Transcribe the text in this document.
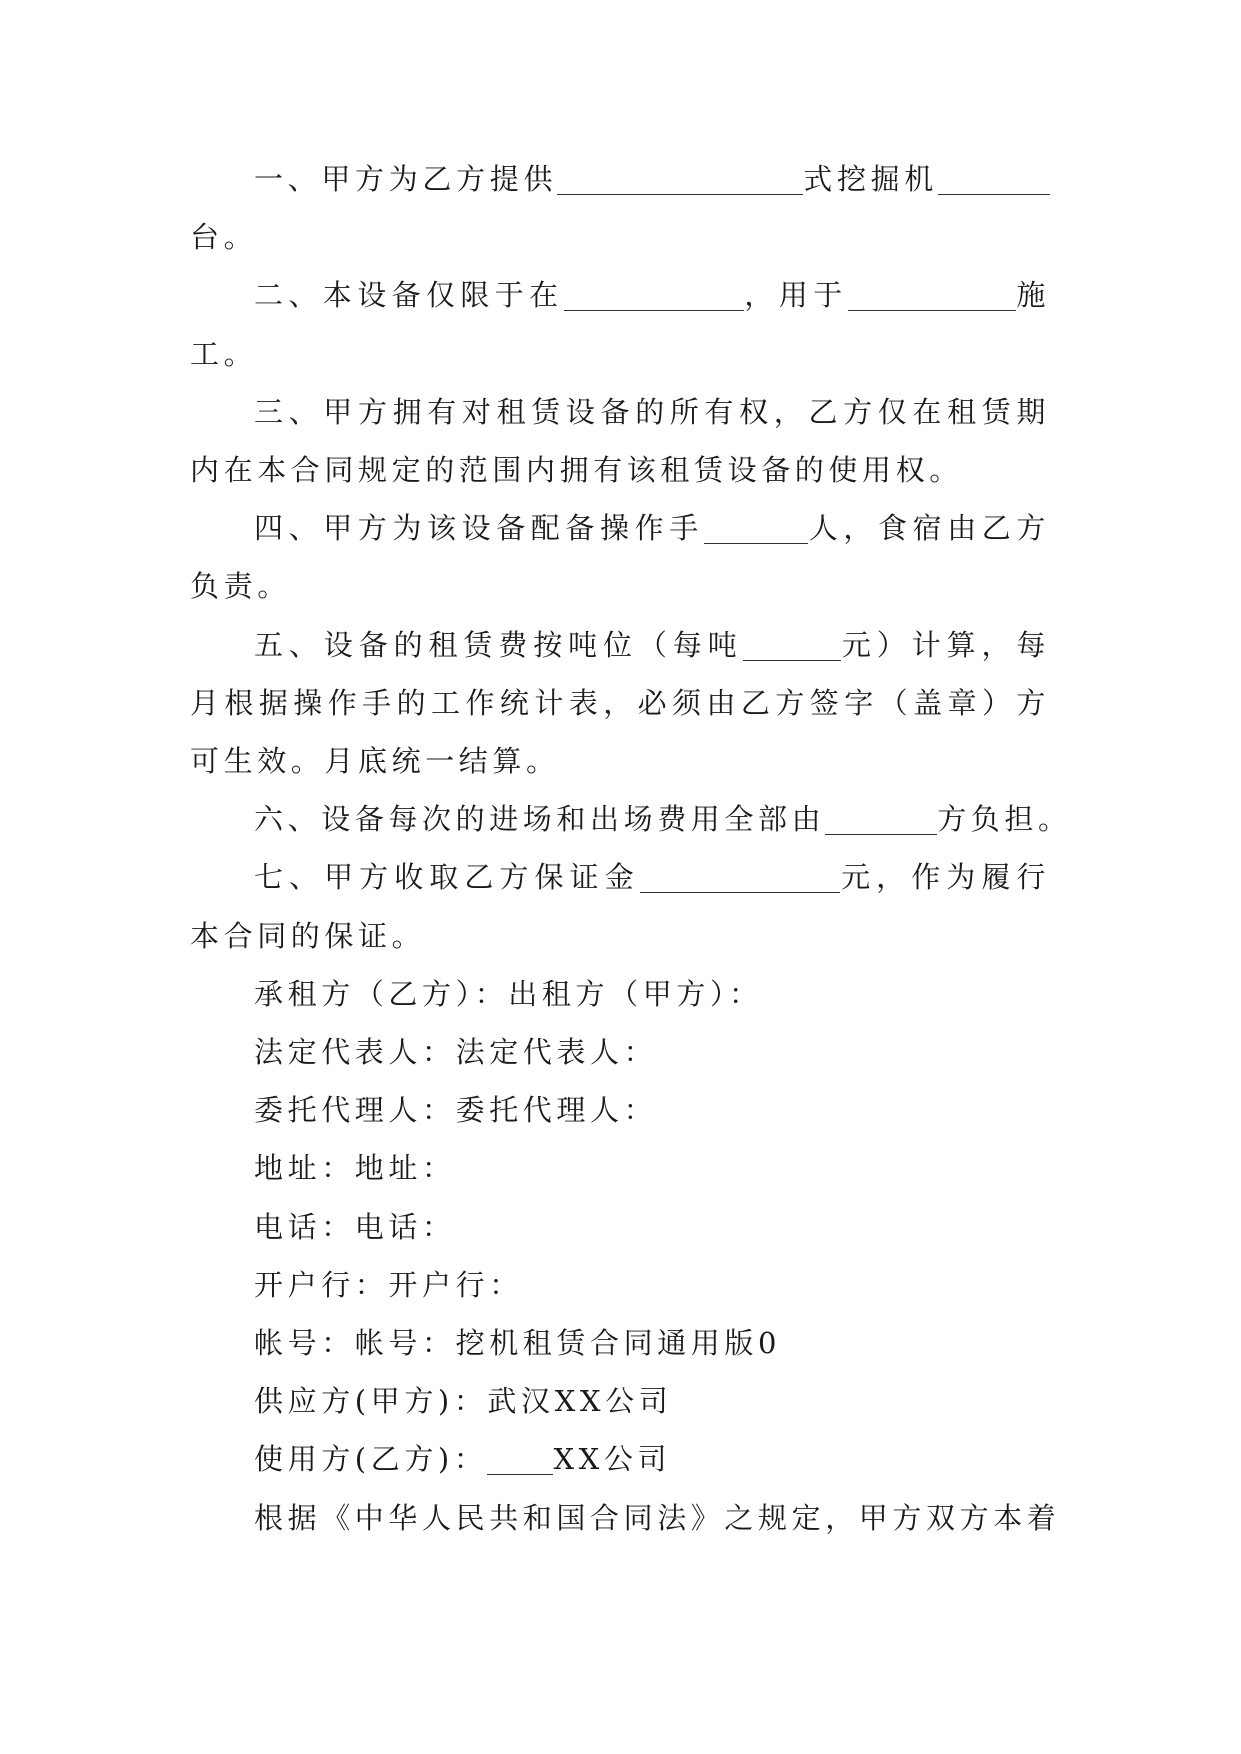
一、甲方为乙方提供	式挖掘机台。

二、本设备仅限于在	，用于	施工。

三、甲方拥有对租赁设备的所有权，乙方仅在租赁期内在本合同规定的范围内拥有该租赁设备的使用权。

四、甲方为该设备配备操作手	人，食宿由乙方负责。

五、设备的租赁费按吨位（每吨	元）计算，每月根据操作手的工作统计表，必须由乙方签字（盖章）方可生效。月底统一结算。

六、设备每次的进场和出场费用全部由	方负担。

七、甲方收取乙方保证金	元，作为履行本合同的保证。

承租方（乙方）：出租方（甲方）：

法定代表人：法定代表人：

委托代理人：委托代理人：

地址：地址：

电话：电话：

开户行：开户行：

帐号：帐号：挖机租赁合同通用版0

供应方(甲方)：武汉XX公司

使用方(乙方)： XX公司

根据《中华人民共和国合同法》之规定，甲方双方本着
